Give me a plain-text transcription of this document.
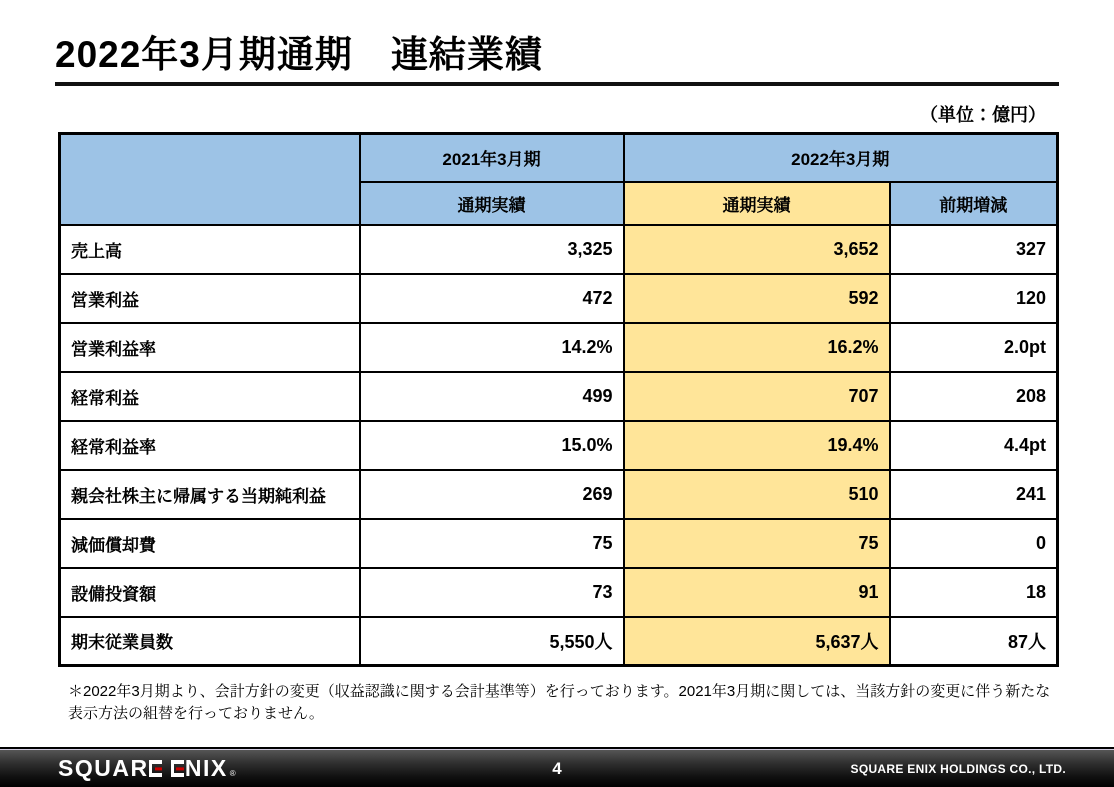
2022年3月期通期　連結業績
（単位：億円）
	2021年3月期	2022年3月期	
	通期実績	通期実績	前期増減
売上高	3,325	3,652	327
営業利益	472	592	120
営業利益率	14.2%	16.2%	2.0pt
経常利益	499	707	208
経常利益率	15.0%	19.4%	4.4pt
親会社株主に帰属する当期純利益	269	510	241
減価償却費	75	75	0
設備投資額	73	91	18
期末従業員数	5,550人	5,637人	87人
＊2022年3月期より、会計方針の変更（収益認識に関する会計基準等）を行っております。2021年3月期に関しては、当該方針の変更に伴う新たな表示方法の組替を行っておりません。
SQUAR NIX ®	4	SQUARE ENIX HOLDINGS CO., LTD.
